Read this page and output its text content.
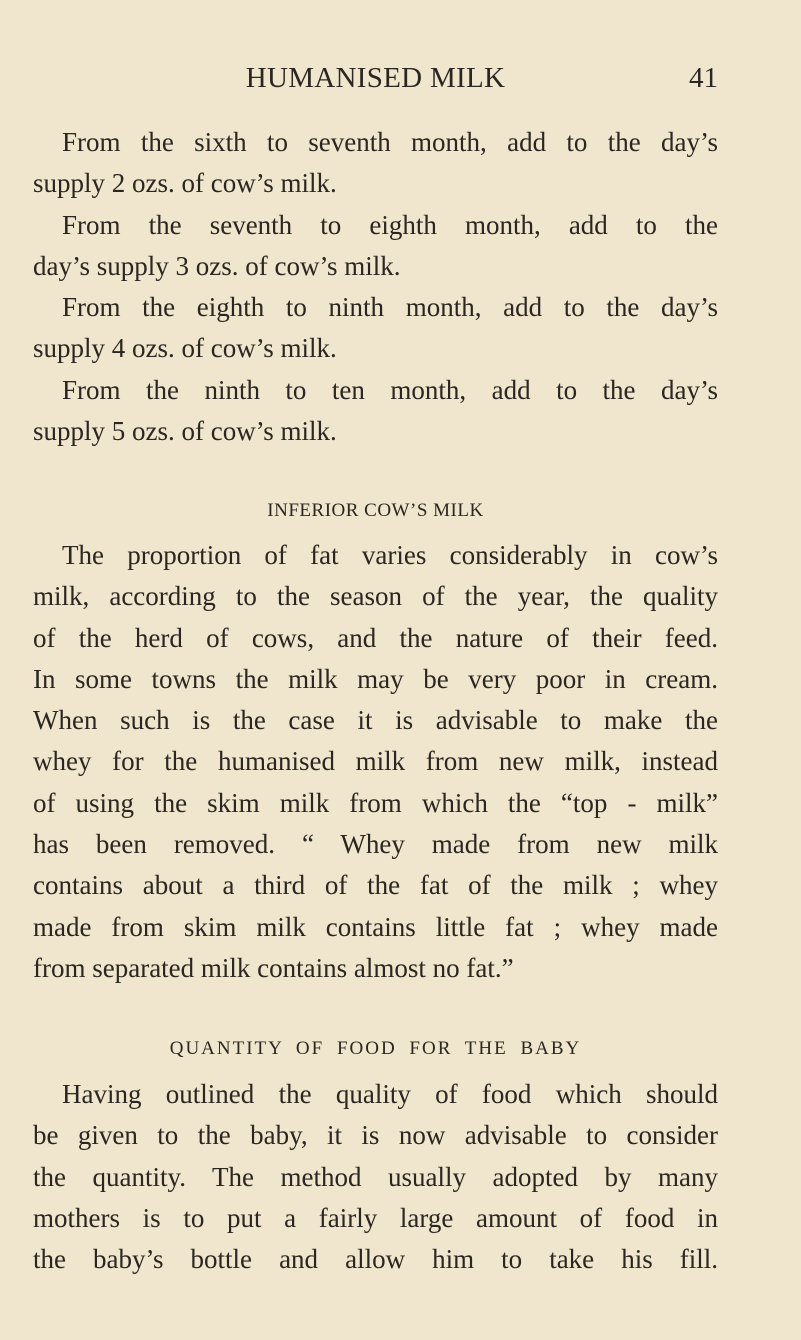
HUMANISED MILK	41
From the sixth to seventh month, add to the day’s
supply 2 ozs. of cow’s milk.
From the seventh to eighth month, add to the
day’s supply 3 ozs. of cow’s milk.
From the eighth to ninth month, add to the day’s
supply 4 ozs. of cow’s milk.
From the ninth to ten month, add to the day’s
supply 5 ozs. of cow’s milk.
INFERIOR COW’S MILK
The proportion of fat varies considerably in cow’s
milk, according to the season of the year, the quality
of the herd of cows, and the nature of their feed.
In some towns the milk may be very poor in cream.
When such is the case it is advisable to make the
whey for the humanised milk from new milk, instead
of using the skim milk from which the “top - milk”
has been removed. “ Whey made from new milk
contains about a third of the fat of the milk ; whey
made from skim milk contains little fat ; whey made
from separated milk contains almost no fat.”
QUANTITY OF FOOD FOR THE BABY
Having outlined the quality of food which should
be given to the baby, it is now advisable to consider
the quantity. The method usually adopted by many
mothers is to put a fairly large amount of food in
the baby’s bottle and allow him to take his fill.
